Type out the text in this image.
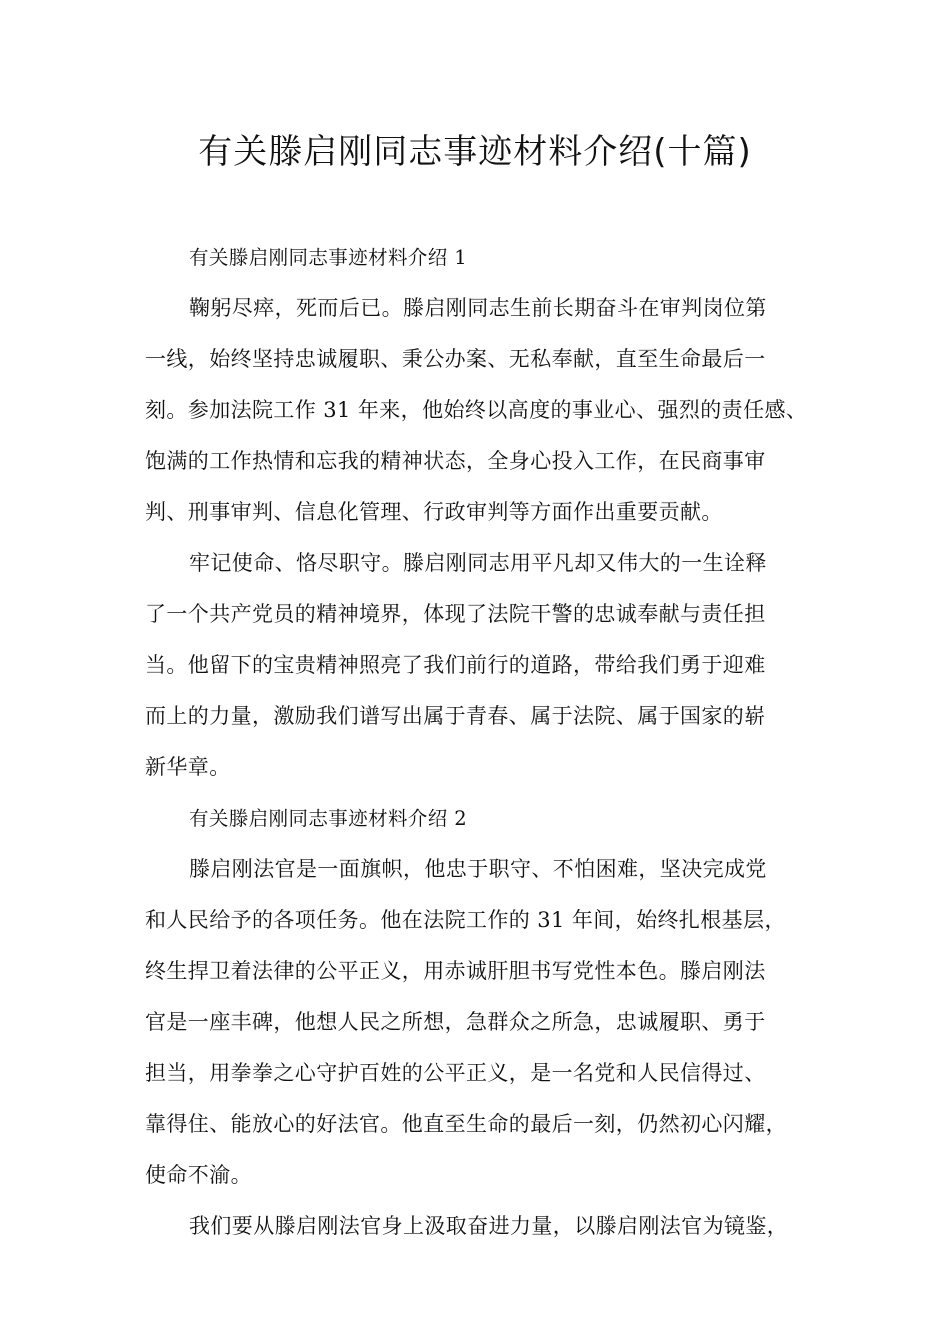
有关滕启刚同志事迹材料介绍(十篇)

有关滕启刚同志事迹材料介绍 1

鞠躬尽瘁，死而后已。滕启刚同志生前长期奋斗在审判岗位第

一线，始终坚持忠诚履职、秉公办案、无私奉献，直至生命最后一

刻。参加法院工作 31 年来，他始终以高度的事业心、强烈的责任感、

饱满的工作热情和忘我的精神状态，全身心投入工作，在民商事审

判、刑事审判、信息化管理、行政审判等方面作出重要贡献。

牢记使命、恪尽职守。滕启刚同志用平凡却又伟大的一生诠释

了一个共产党员的精神境界，体现了法院干警的忠诚奉献与责任担

当。他留下的宝贵精神照亮了我们前行的道路，带给我们勇于迎难

而上的力量，激励我们谱写出属于青春、属于法院、属于国家的崭

新华章。

有关滕启刚同志事迹材料介绍 2

滕启刚法官是一面旗帜，他忠于职守、不怕困难，坚决完成党

和人民给予的各项任务。他在法院工作的 31 年间，始终扎根基层，

终生捍卫着法律的公平正义，用赤诚肝胆书写党性本色。滕启刚法

官是一座丰碑，他想人民之所想，急群众之所急，忠诚履职、勇于

担当，用拳拳之心守护百姓的公平正义，是一名党和人民信得过、

靠得住、能放心的好法官。他直至生命的最后一刻，仍然初心闪耀，

使命不渝。

我们要从滕启刚法官身上汲取奋进力量，以滕启刚法官为镜鉴，
